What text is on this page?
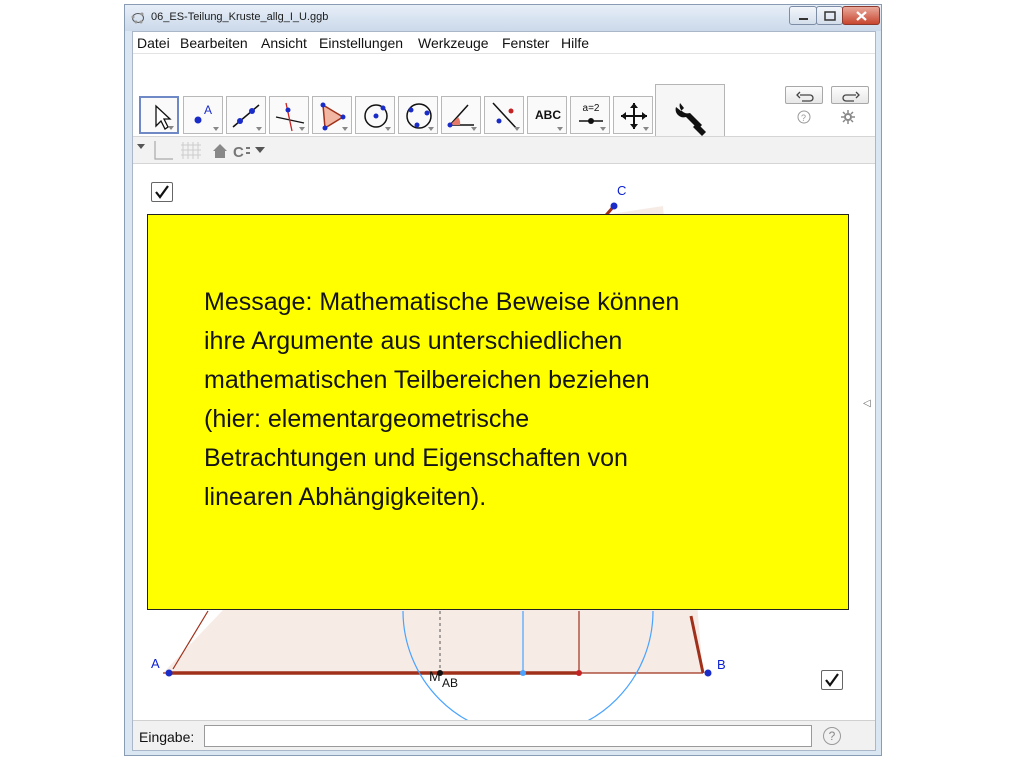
06_ES-Teilung_Kruste_allg_I_U.ggb
Datei Bearbeiten Ansicht Einstellungen Werkzeuge Fenster Hilfe
A	ABC	a=2
?
C
C
A	B
M AB
Message: Mathematische Beweise können
ihre Argumente aus unterschiedlichen
mathematischen Teilbereichen beziehen
(hier: elementargeometrische
Betrachtungen und Eigenschaften von
linearen Abhängigkeiten).
◁
Eingabe:	?
